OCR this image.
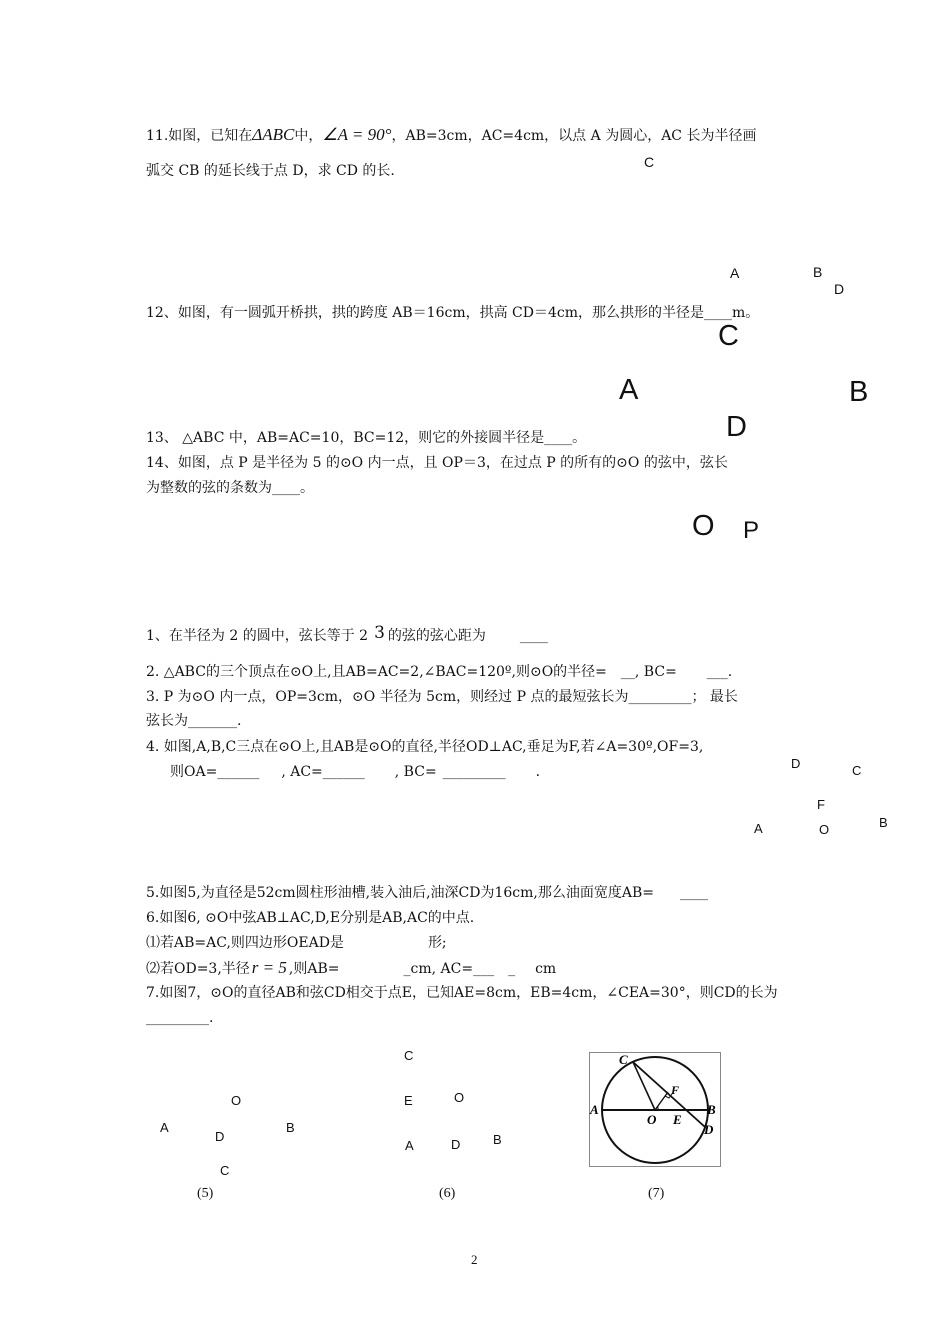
11.如图，已知在ΔABC中，∠A = 90°，AB=3cm，AC=4cm，以点 A 为圆心，AC 长为半径画
弧交 CB 的延长线于点 D，求 CD 的长.
C
A	B
D
12、如图，有一圆弧开桥拱，拱的跨度 AB＝16cm，拱高 CD＝4cm，那么拱形的半径是____m。
C
A	B
D
13、 △ABC 中，AB=AC=10，BC=12，则它的外接圆半径是____。
14、如图，点 P 是半径为 5 的⊙O 内一点，且 OP＝3，在过点 P 的所有的⊙O 的弦中，弦长
为整数的弦的条数为____。
O P
1、在半径为 2 的圆中，弦长等于 2 3 的弦的弦心距为 ____
2. △ABC的三个顶点在⊙O上,且AB=AC=2,∠BAC=120º,则⊙O的半径= __, BC= ___.
3. P 为⊙O 内一点，OP=3cm，⊙O 半径为 5cm，则经过 P 点的最短弦长为_________； 最长
弦长为_______.
4. 如图,A,B,C三点在⊙O上,且AB是⊙O的直径,半径OD⊥AC,垂足为F,若∠A=30º,OF=3,
则OA=______ , AC=______ , BC= _________ .
D	C
F
A	O	B
5.如图5,为直径是52cm圆柱形油槽,装入油后,油深CD为16cm,那么油面宽度AB= ____
6.如图6, ⊙O中弦AB⊥AC,D,E分别是AB,AC的中点.
⑴若AB=AC,则四边形OEAD是	形;
⑵若OD=3,半径 r = 5 ,则AB=	_cm, AC=___ _ cm
7.如图7，⊙O的直径AB和弦CD相交于点E，已知AE=8cm，EB=4cm，∠CEA=30°，则CD的长为
_________.
O
A
D
B
C
(5)
C
E	O
A	D	B
(6)
C
F
A
O E
B
D
(7)
2
